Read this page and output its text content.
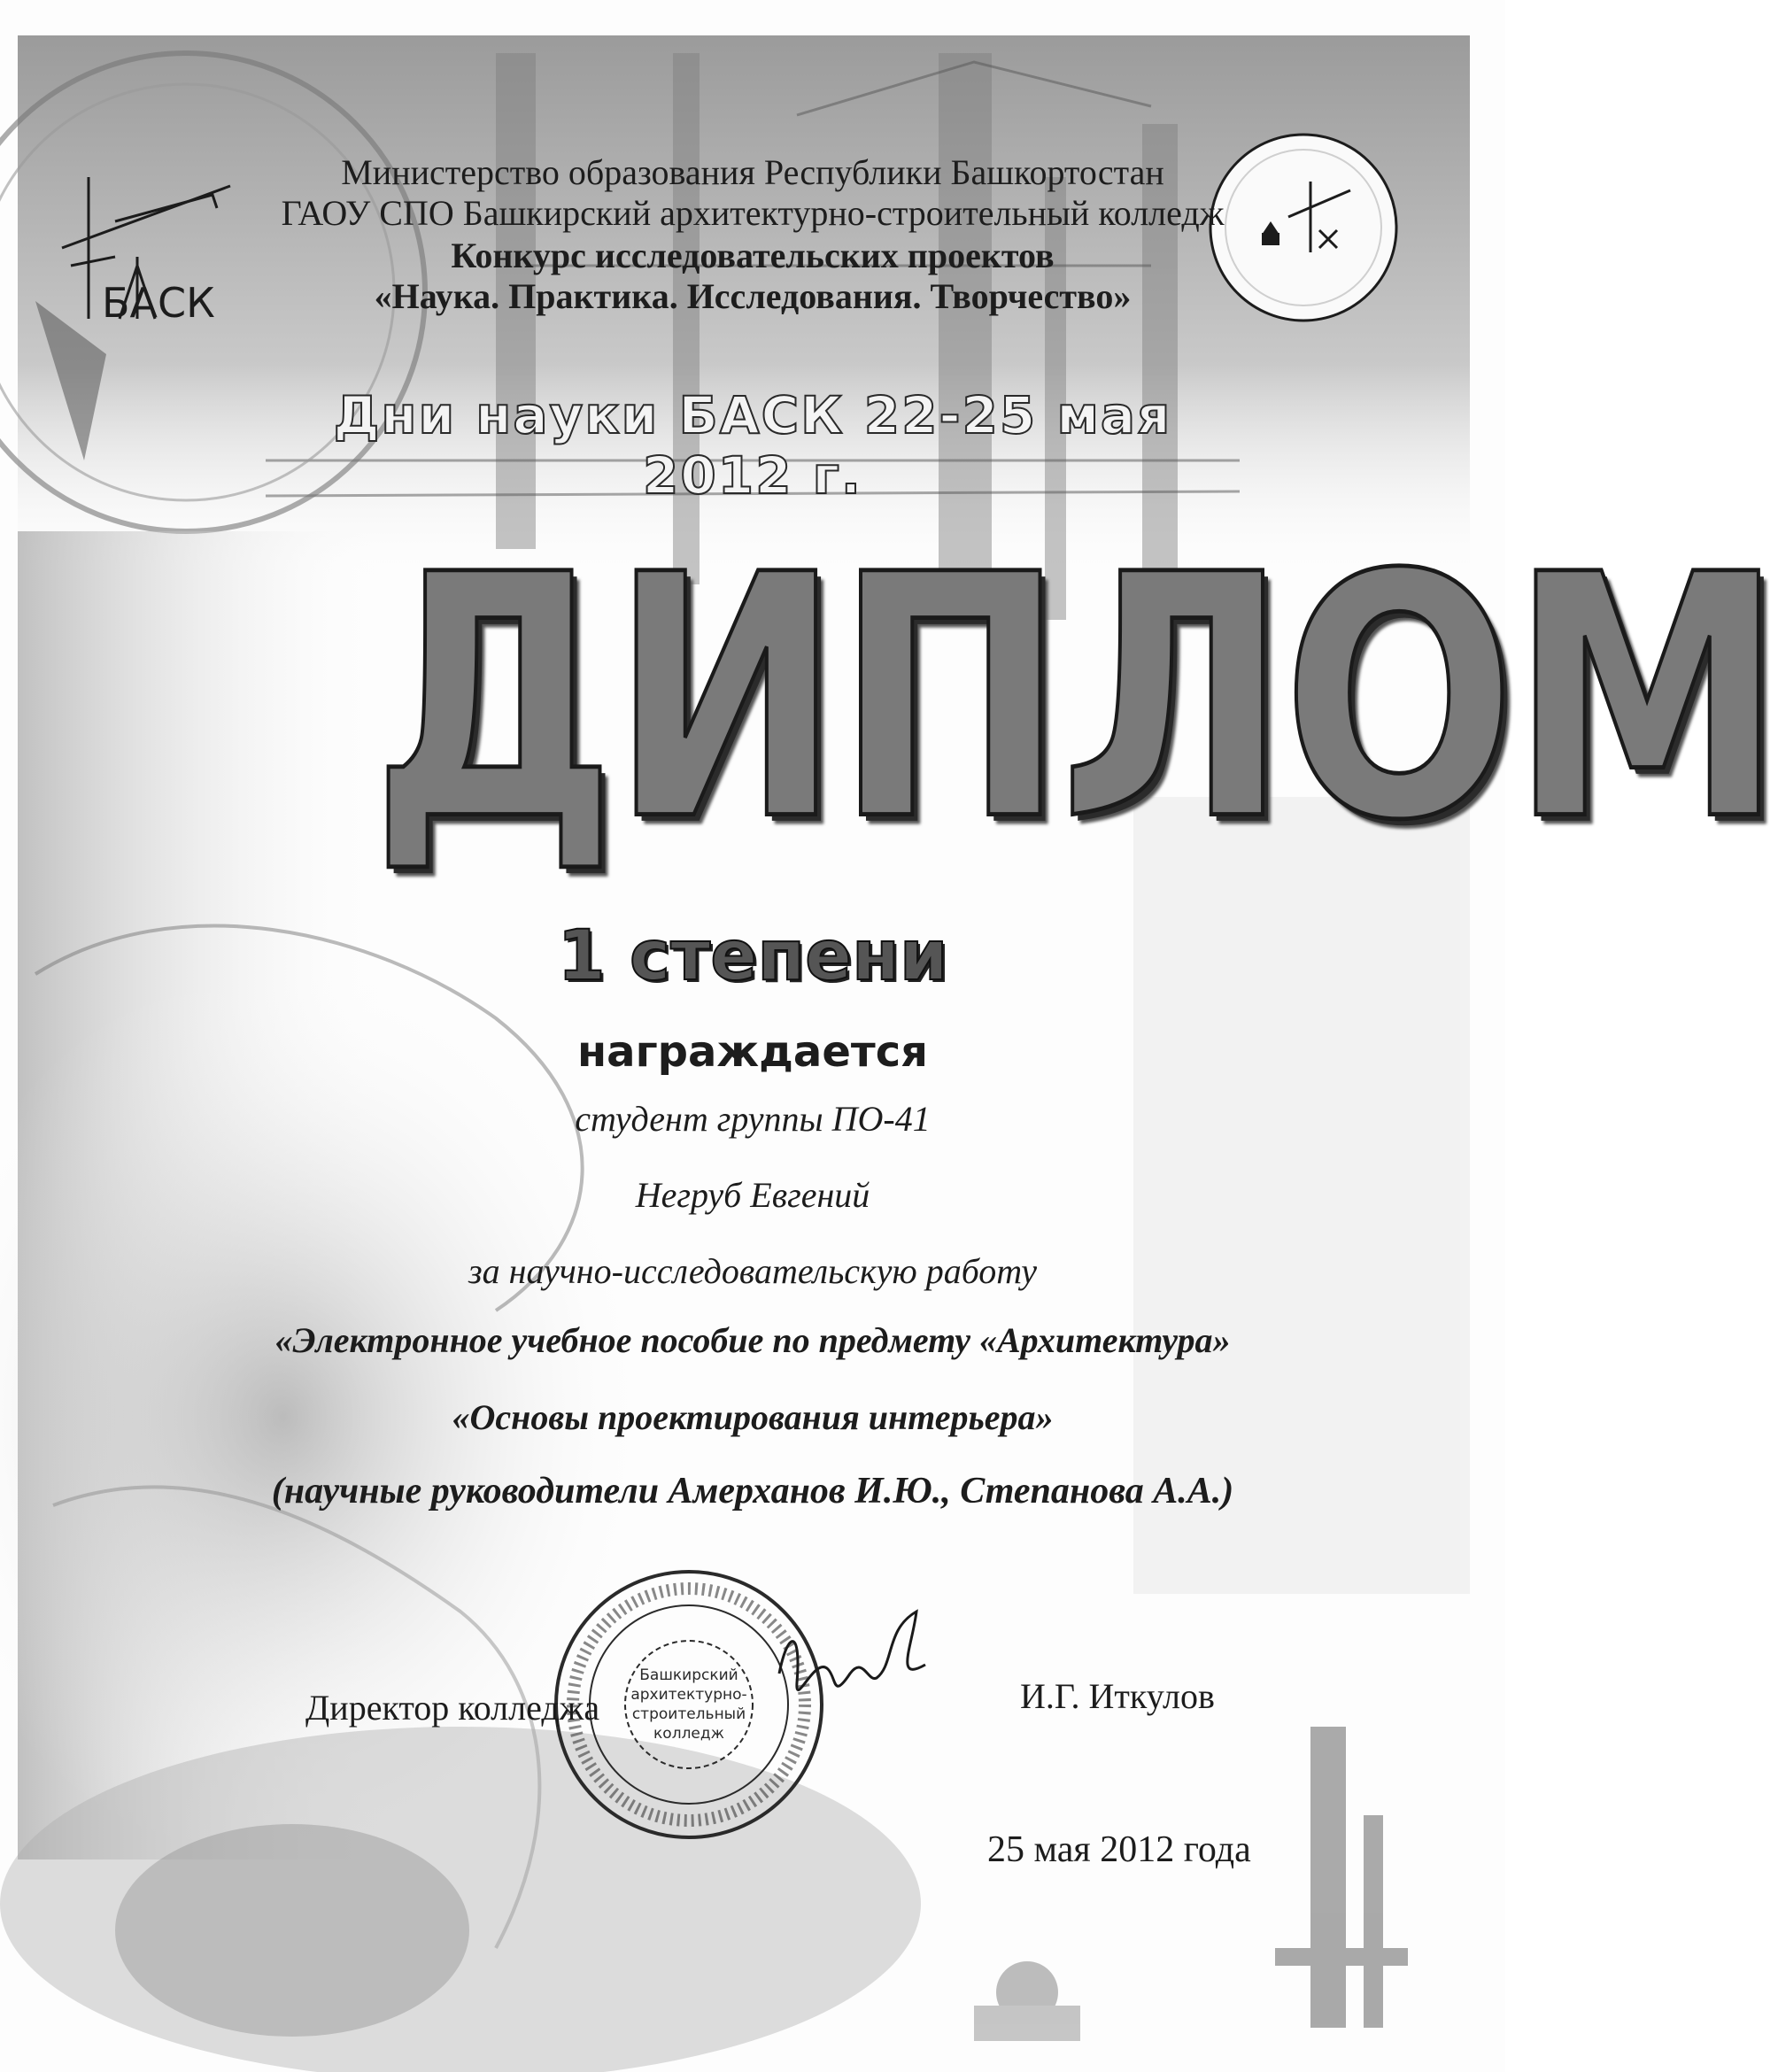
БАСК
Министерство образования Республики Башкортостан
ГАОУ СПО Башкирский архитектурно-строительный колледж
Конкурс исследовательских проектов
«Наука. Практика. Исследования. Творчество»
Дни науки БАСК 22-25 мая 2012 г.
ДИПЛОМ
1 степени
награждается
студент группы ПО-41
Негруб Евгений
за научно-исследовательскую работу
«Электронное учебное пособие по предмету «Архитектура»
«Основы проектирования интерьера»
(научные руководители Амерханов И.Ю., Степанова А.А.)
Башкирский
архитектурно-
строительный
колледж
Директор колледжа	И.Г. Иткулов
25 мая 2012 года
